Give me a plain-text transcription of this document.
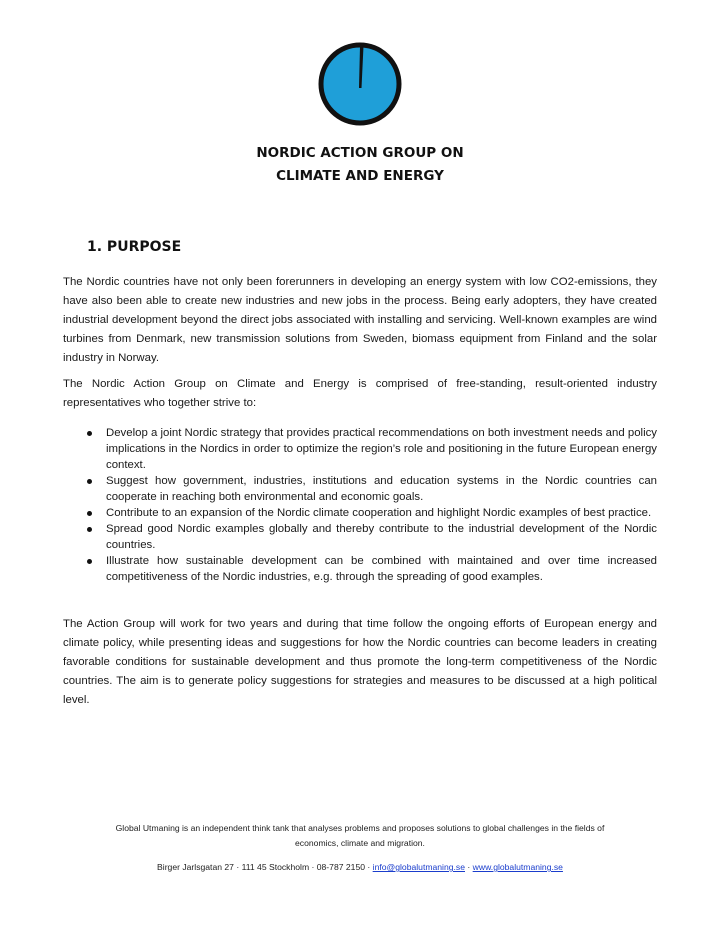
NORDIC ACTION GROUP ON
CLIMATE AND ENERGY
1. PURPOSE

The Nordic countries have not only been forerunners in developing an energy system with low CO2-emissions, they have also been able to create new industries and new jobs in the process. Being early adopters, they have created industrial development beyond the direct jobs associated with installing and servicing. Well-known examples are wind turbines from Denmark, new transmission solutions from Sweden, biomass equipment from Finland and the solar industry in Norway.

The Nordic Action Group on Climate and Energy is comprised of free-standing, result-oriented industry representatives who together strive to:

Develop a joint Nordic strategy that provides practical recommendations on both investment needs and policy implications in the Nordics in order to optimize the region’s role and positioning in the future European energy context.
Suggest how government, industries, institutions and education systems in the Nordic countries can cooperate in reaching both environmental and economic goals.
Contribute to an expansion of the Nordic climate cooperation and highlight Nordic examples of best practice.
Spread good Nordic examples globally and thereby contribute to the industrial development of the Nordic countries.
Illustrate how sustainable development can be combined with maintained and over time increased competitiveness of the Nordic industries, e.g. through the spreading of good examples.

The Action Group will work for two years and during that time follow the ongoing efforts of European energy and climate policy, while presenting ideas and suggestions for how the Nordic countries can become leaders in creating favorable conditions for sustainable development and thus promote the long-term competitiveness of the Nordic countries. The aim is to generate policy suggestions for strategies and measures to be discussed at a high political level.

Global Utmaning is an independent think tank that analyses problems and proposes solutions to global challenges in the fields of
economics, climate and migration.
Birger Jarlsgatan 27 · 111 45 Stockholm · 08-787 2150 · info@globalutmaning.se · www.globalutmaning.se
